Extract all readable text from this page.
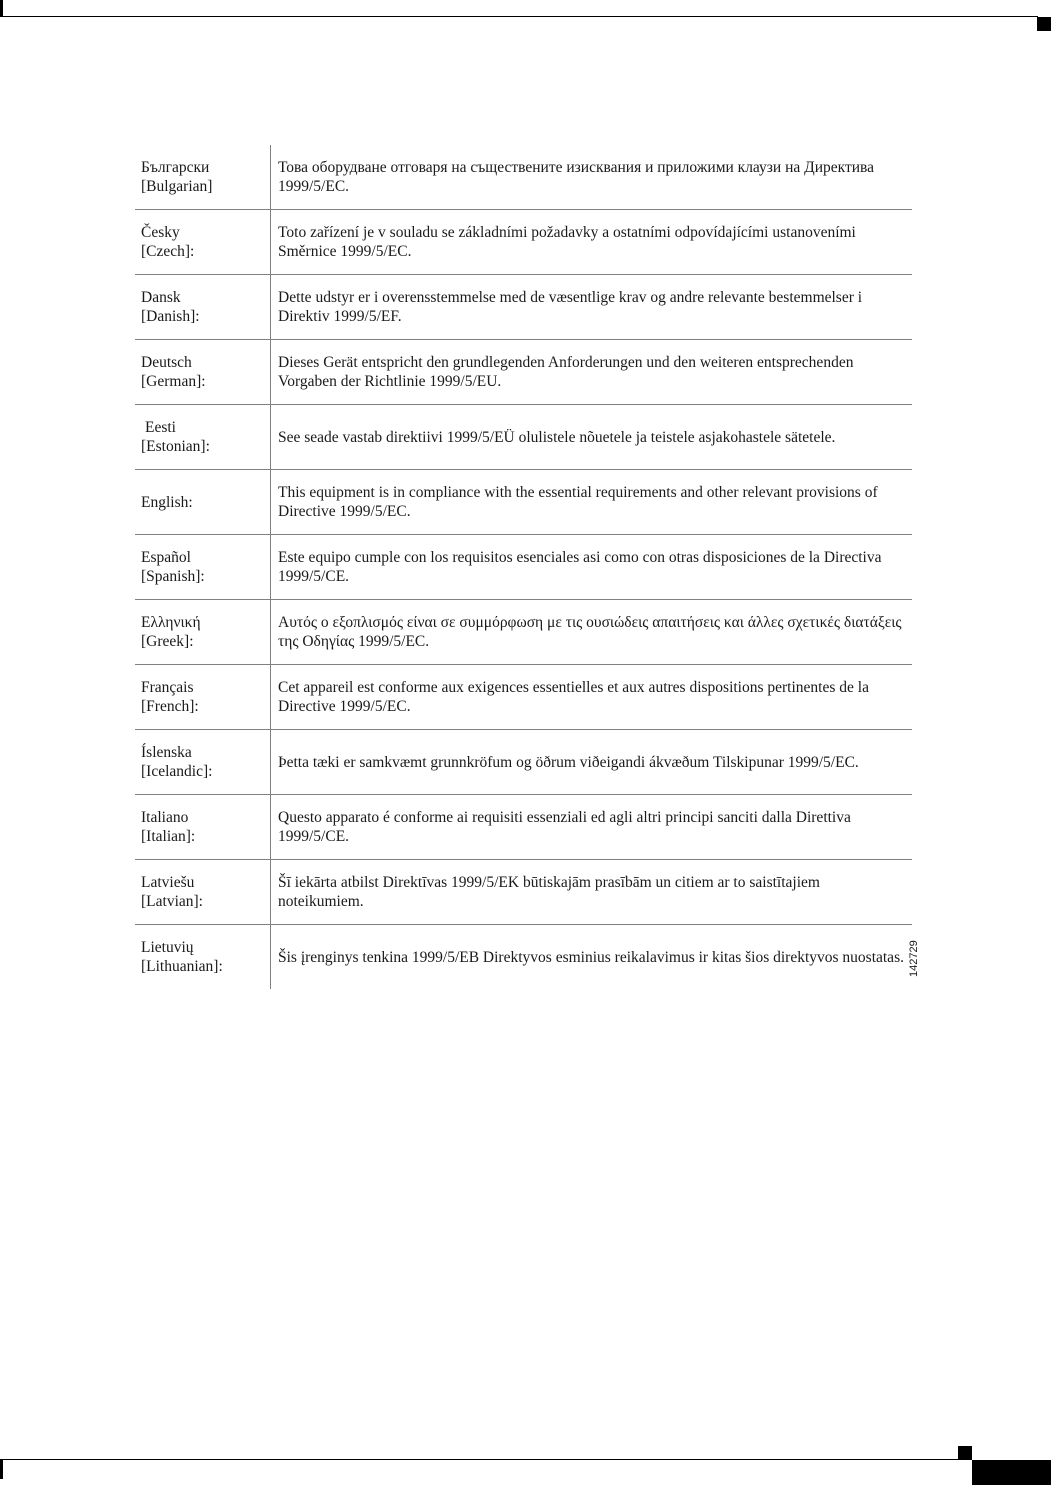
Български
[Bulgarian]	Това оборудване отговаря на съществените изисквания и приложими клаузи на Директива 1999/5/ЕС.

Česky
[Czech]:	Toto zařízení je v souladu se základními požadavky a ostatními odpovídajícími ustanoveními Směrnice 1999/5/EC.

Dansk
[Danish]:	Dette udstyr er i overensstemmelse med de væsentlige krav og andre relevante bestemmelser i Direktiv 1999/5/EF.

Deutsch
[German]:	Dieses Gerät entspricht den grundlegenden Anforderungen und den weiteren entsprechenden Vorgaben der Richtlinie 1999/5/EU.

Eesti
[Estonian]:	See seade vastab direktiivi 1999/5/EÜ olulistele nõuetele ja teistele asjakohastele sätetele.

English:	This equipment is in compliance with the essential requirements and other relevant provisions of Directive 1999/5/EC.

Español
[Spanish]:	Este equipo cumple con los requisitos esenciales asi como con otras disposiciones de la Directiva 1999/5/CE.

Ελληνική
[Greek]:	Αυτός ο εξοπλισμός είναι σε συμμόρφωση με τις ουσιώδεις απαιτήσεις και άλλες σχετικές διατάξεις της Οδηγίας 1999/5/EC.

Français
[French]:	Cet appareil est conforme aux exigences essentielles et aux autres dispositions pertinentes de la Directive 1999/5/EC.

Íslenska
[Icelandic]:	Þetta tæki er samkvæmt grunnkröfum og öðrum viðeigandi ákvæðum Tilskipunar 1999/5/EC.

Italiano
[Italian]:	Questo apparato é conforme ai requisiti essenziali ed agli altri principi sanciti dalla Direttiva 1999/5/CE.

Latviešu
[Latvian]:	Šī iekārta atbilst Direktīvas 1999/5/EK būtiskajām prasībām un citiem ar to saistītajiem noteikumiem.

Lietuvių
[Lithuanian]:	Šis įrenginys tenkina 1999/5/EB Direktyvos esminius reikalavimus ir kitas šios direktyvos nuostatas. 142729
